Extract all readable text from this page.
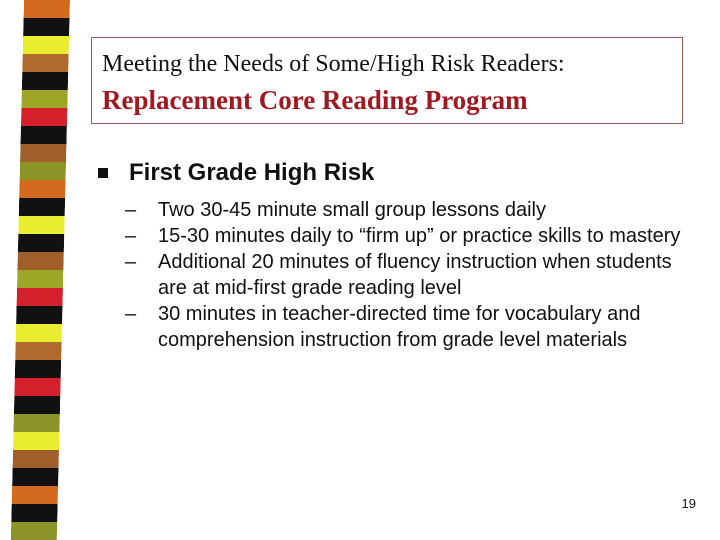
Meeting the Needs of Some/High Risk Readers:
Replacement Core Reading Program
First Grade High Risk
– Two 30-45 minute small group lessons daily
– 15-30 minutes daily to “firm up” or practice skills to mastery
– Additional 20 minutes of fluency instruction when students are at mid-first grade reading level
– 30 minutes in teacher-directed time for vocabulary and comprehension instruction from grade level materials
19
